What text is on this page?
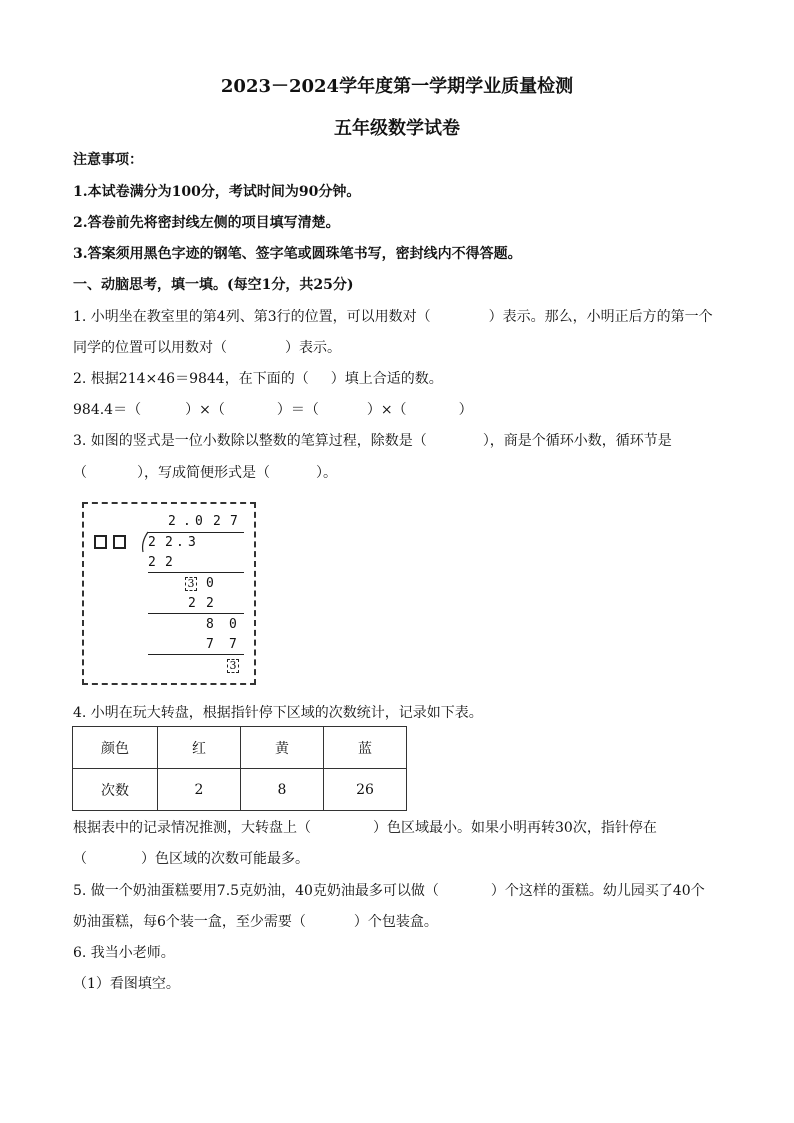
2023－2024学年度第一学期学业质量检测
五年级数学试卷
注意事项：
1.本试卷满分为100分，考试时间为90分钟。
2.答卷前先将密封线左侧的项目填写清楚。
3.答案须用黑色字迹的钢笔、签字笔或圆珠笔书写，密封线内不得答题。
一、动脑思考，填一填。(每空1分，共25分)
1. 小明坐在教室里的第4列、第3行的位置，可以用数对（	）表示。那么，小明正后方的第一个
同学的位置可以用数对（	）表示。
2. 根据214×46＝9844，在下面的（ ）填上合适的数。
984.4＝（	）×（	）＝（	）×（	）
3. 如图的竖式是一位小数除以整数的笔算过程，除数是（	），商是个循环小数，循环节是
（	），写成简便形式是（	）。
2 . 0 2 7
2 2 . 3
2 2
3 0
2 2
8 0
7 7
3
4. 小明在玩大转盘，根据指针停下区域的次数统计，记录如下表。
颜色	红	黄	蓝
次数	2	8	26
根据表中的记录情况推测，大转盘上（	）色区域最小。如果小明再转30次，指针停在
（	）色区域的次数可能最多。
5. 做一个奶油蛋糕要用7.5克奶油，40克奶油最多可以做（	）个这样的蛋糕。幼儿园买了40个
奶油蛋糕，每6个装一盒，至少需要（	）个包装盒。
6. 我当小老师。
（1）看图填空。
